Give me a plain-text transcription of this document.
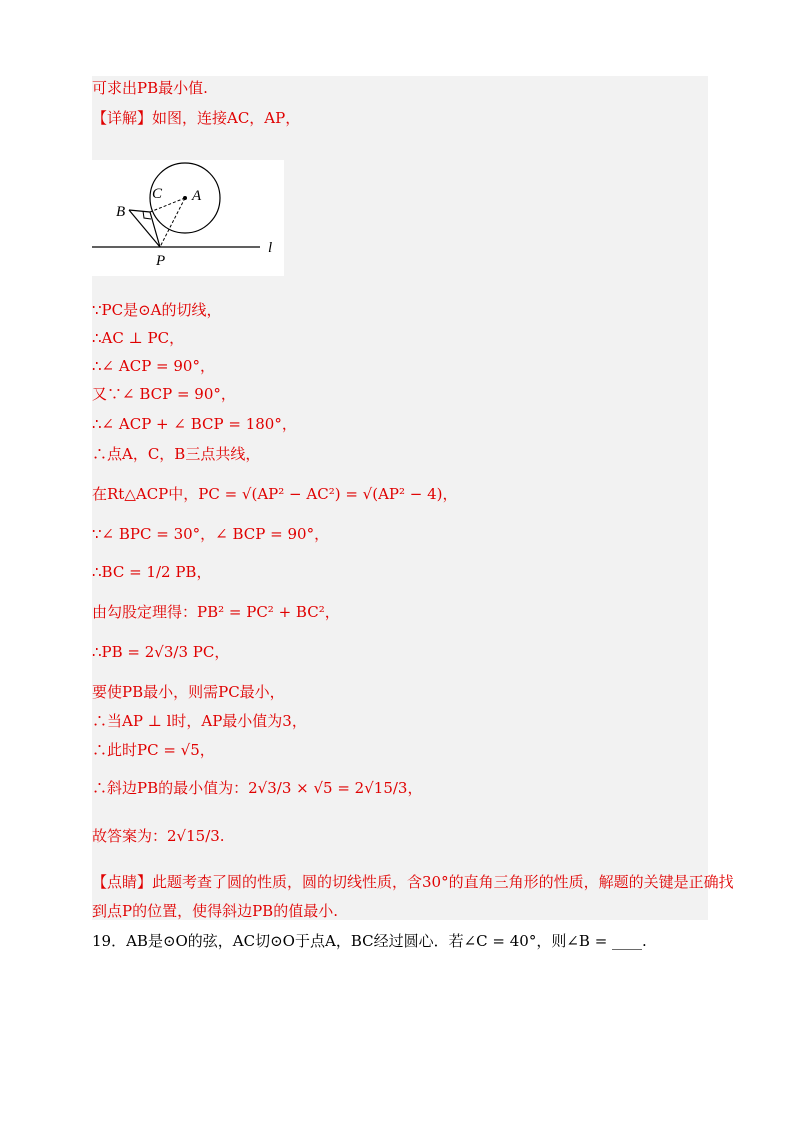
可求出PB最小值.
【详解】如图，连接AC，AP，
C A
B
P
l
∵PC是⊙A的切线，
∴AC ⊥ PC，
∴∠ ACP = 90°，
又∵∠ BCP = 90°，
∴∠ ACP + ∠ BCP = 180°，
∴点A，C，B三点共线，
在Rt△ACP中，PC = √(AP² − AC²) = √(AP² − 4)，
∵∠ BPC = 30°，∠ BCP = 90°，
∴BC = 1/2 PB，
由勾股定理得：PB² = PC² + BC²，
∴PB = 2√3/3 PC，
要使PB最小，则需PC最小，
∴当AP ⊥ l时，AP最小值为3，
∴此时PC = √5，
∴斜边PB的最小值为：2√3/3 × √5 = 2√15/3，
故答案为：2√15/3.
【点睛】此题考查了圆的性质，圆的切线性质，含30°的直角三角形的性质，解题的关键是正确找
到点P的位置，使得斜边PB的值最小.
19．AB是⊙O的弦，AC切⊙O于点A，BC经过圆心．若∠C = 40°，则∠B = ____.
